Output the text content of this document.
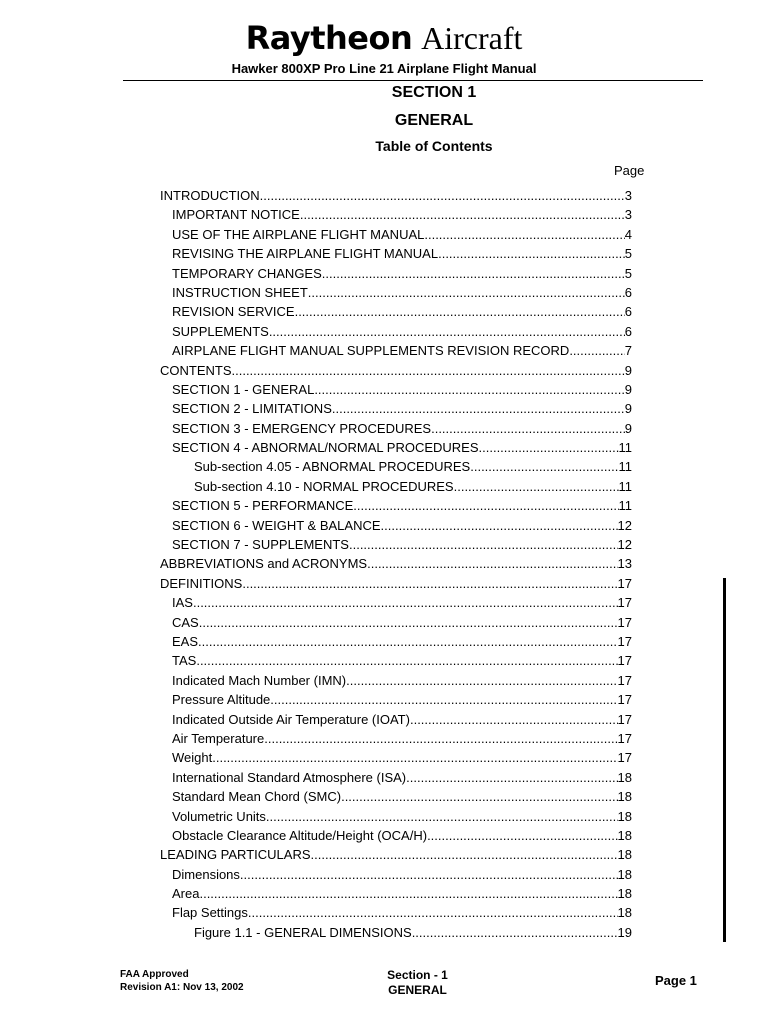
Raytheon Aircraft
Hawker 800XP Pro Line 21 Airplane Flight Manual
SECTION 1
GENERAL
Table of Contents
Page
INTRODUCTION .....	3
IMPORTANT NOTICE .....	3
USE OF THE AIRPLANE FLIGHT MANUAL .....	4
REVISING THE AIRPLANE FLIGHT MANUAL .....	5
TEMPORARY CHANGES .....	5
INSTRUCTION SHEET .....	6
REVISION SERVICE .....	6
SUPPLEMENTS .....	6
AIRPLANE FLIGHT MANUAL SUPPLEMENTS REVISION RECORD .....	7
CONTENTS .....	9
SECTION 1 - GENERAL .....	9
SECTION 2 - LIMITATIONS .....	9
SECTION 3 - EMERGENCY PROCEDURES .....	9
SECTION 4 - ABNORMAL/NORMAL PROCEDURES .....	11
Sub-section 4.05 - ABNORMAL PROCEDURES .....	11
Sub-section 4.10 - NORMAL PROCEDURES .....	11
SECTION 5 - PERFORMANCE .....	11
SECTION 6 - WEIGHT & BALANCE .....	12
SECTION 7 - SUPPLEMENTS .....	12
ABBREVIATIONS and ACRONYMS .....	13
DEFINITIONS .....	17
IAS .....	17
CAS .....	17
EAS .....	17
TAS .....	17
Indicated Mach Number (IMN) .....	17
Pressure Altitude .....	17
Indicated Outside Air Temperature (IOAT) .....	17
Air Temperature .....	17
Weight .....	17
International Standard Atmosphere (ISA) .....	18
Standard Mean Chord (SMC) .....	18
Volumetric Units .....	18
Obstacle Clearance Altitude/Height (OCA/H) .....	18
LEADING PARTICULARS .....	18
Dimensions .....	18
Area .....	18
Flap Settings .....	18
Figure 1.1 - GENERAL DIMENSIONS .....	19
FAA Approved
Revision A1: Nov 13, 2002
Section - 1
GENERAL
Page 1
